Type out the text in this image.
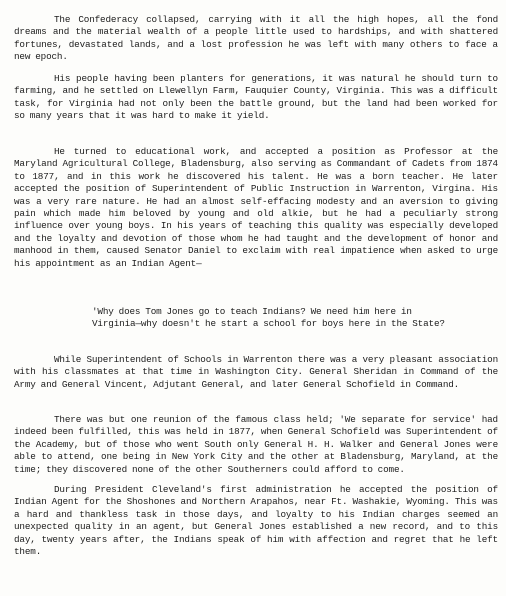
The Confederacy collapsed, carrying with it all the high hopes, all the fond dreams and the material wealth of a people little used to hardships, and with shattered fortunes, devastated lands, and a lost profession he was left with many others to face a new epoch.

His people having been planters for generations, it was natural he should turn to farming, and he settled on Llewellyn Farm, Fauquier County, Virginia. This was a difficult task, for Virginia had not only been the battle ground, but the land had been worked for so many years that it was hard to make it yield.

He turned to educational work, and accepted a position as Professor at the Maryland Agricultural College, Bladensburg, also serving as Commandant of Cadets from 1874 to 1877, and in this work he discovered his talent. He was a born teacher. He later accepted the position of Superintendent of Public Instruction in Warrenton, Virgina. His was a very rare nature. He had an almost self-effacing modesty and an aversion to giving pain which made him beloved by young and old alkie, but he had a peculiarly strong influence over young boys. In his years of teaching this quality was especially developed and the loyalty and devotion of those whom he had taught and the development of honor and manhood in them, caused Senator Daniel to exclaim with real impatience when asked to urge his appointment as an Indian Agent—

'Why does Tom Jones go to teach Indians? We need him here in Virginia—why doesn't he start a school for boys here in the State?

While Superintendent of Schools in Warrenton there was a very pleasant association with his classmates at that time in Washington City. General Sheridan in Command of the Army and General Vincent, Adjutant General, and later General Schofield in Command.

There was but one reunion of the famous class held; 'We separate for service' had indeed been fulfilled, this was held in 1877, when General Schofield was Superintendent of the Academy, but of those who went South only General H. H. Walker and General Jones were able to attend, one being in New York City and the other at Bladensburg, Maryland, at the time; they discovered none of the other Southerners could afford to come.

During President Cleveland's first administration he accepted the position of Indian Agent for the Shoshones and Northern Arapahos, near Ft. Washakie, Wyoming. This was a hard and thankless task in those days, and loyalty to his Indian charges seemed an unexpected quality in an agent, but General Jones established a new record, and to this day, twenty years after, the Indians speak of him with affection and regret that he left them.
